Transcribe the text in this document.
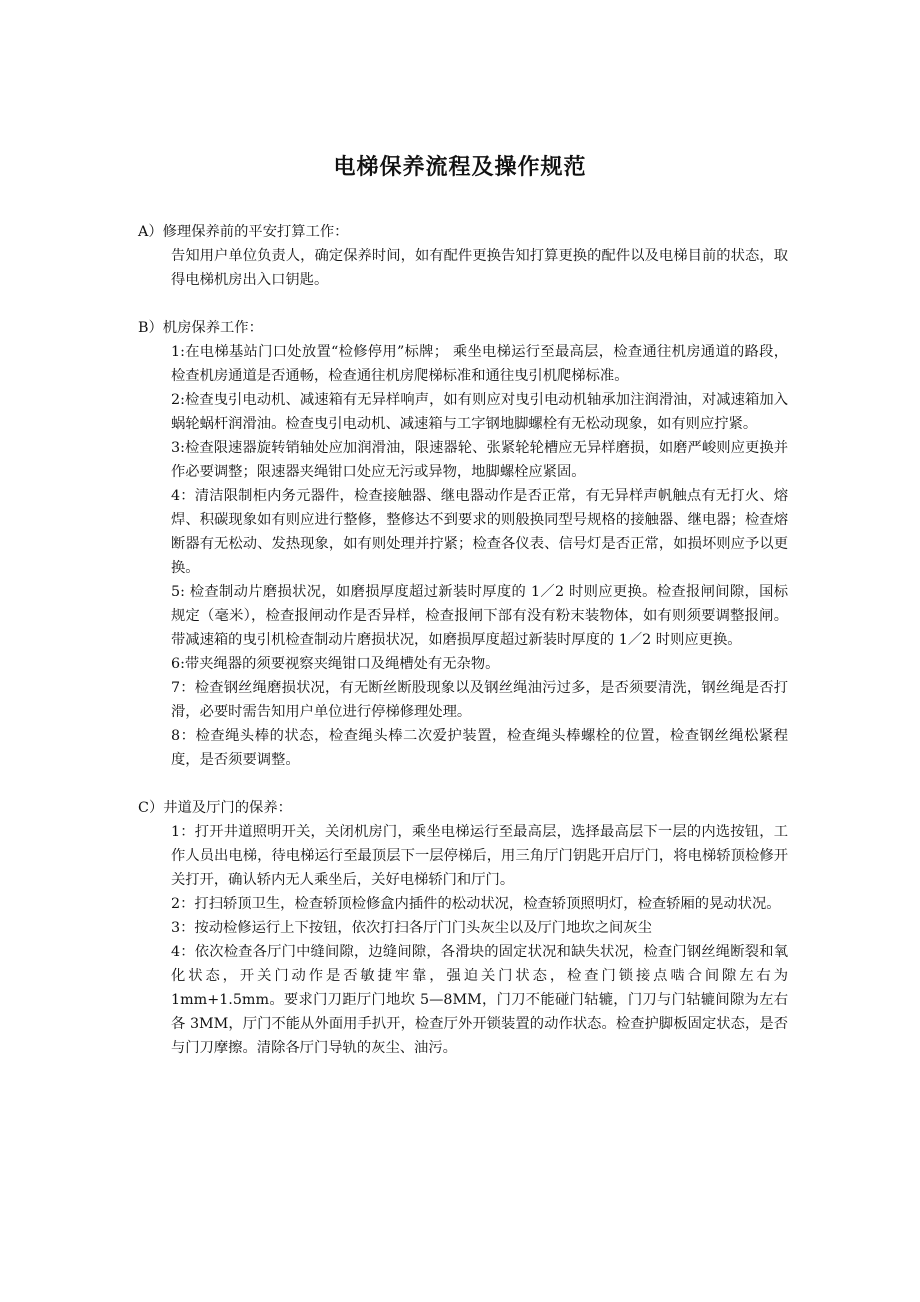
电梯保养流程及操作规范
A）修理保养前的平安打算工作：

告知用户单位负责人，确定保养时间，如有配件更换告知打算更换的配件以及电梯目前的状态，取得电梯机房出入口钥匙。

B）机房保养工作：

1:在电梯基站门口处放置“检修停用”标牌； 乘坐电梯运行至最高层，检查通往机房通道的路段，检查机房通道是否通畅，检查通往机房爬梯标准和通往曳引机爬梯标准。

2:检查曳引电动机、减速箱有无异样响声，如有则应对曳引电动机轴承加注润滑油，对减速箱加入蜗轮蜗杆润滑油。检查曳引电动机、减速箱与工字钢地脚螺栓有无松动现象，如有则应拧紧。

3:检查限速器旋转销轴处应加润滑油，限速器轮、张紧轮轮槽应无异样磨损，如磨严峻则应更换并作必要调整；限速器夹绳钳口处应无污或异物，地脚螺栓应紧固。

4：清洁限制柜内务元器件，检查接触器、继电器动作是否正常，有无异样声帆触点有无打火、熔焊、积碳现象如有则应进行整修，整修达不到要求的则般换同型号规格的接触器、继电器；检查熔断器有无松动、发热现象，如有则处理并拧紧；检查各仪表、信号灯是否正常，如损坏则应予以更换。

5: 检查制动片磨损状况，如磨损厚度超过新装时厚度的 1／2 时则应更换。检查报闸间隙，国标规定（毫米），检查报闸动作是否异样，检查报闸下部有没有粉末装物体，如有则须要调整报闸。带减速箱的曳引机检查制动片磨损状况，如磨损厚度超过新装时厚度的 1／2 时则应更换。

6:带夹绳器的须要视察夹绳钳口及绳槽处有无杂物。

7：检查钢丝绳磨损状况，有无断丝断股现象以及钢丝绳油污过多，是否须要清洗，钢丝绳是否打滑，必要时需告知用户单位进行停梯修理处理。

8：检查绳头棒的状态，检查绳头棒二次爱护装置，检查绳头棒螺栓的位置，检查钢丝绳松紧程度，是否须要调整。

C）井道及厅门的保养：

1：打开井道照明开关，关闭机房门，乘坐电梯运行至最高层，选择最高层下一层的内选按钮，工作人员出电梯，待电梯运行至最顶层下一层停梯后，用三角厅门钥匙开启厅门，将电梯轿顶检修开关打开，确认轿内无人乘坐后，关好电梯轿门和厅门。

2：打扫轿顶卫生，检查轿顶检修盒内插件的松动状况，检查轿顶照明灯，检查轿厢的晃动状况。

3：按动检修运行上下按钮，依次打扫各厅门门头灰尘以及厅门地坎之间灰尘

4：依次检查各厅门中缝间隙，边缝间隙，各滑块的固定状况和缺失状况，检查门钢丝绳断裂和氧化状态，开关门动作是否敏捷牢靠，强迫关门状态，检查门锁接点啮合间隙左右为 1mm+1.5mm。要求门刀距厅门地坎 5—8MM，门刀不能碰门轱辘，门刀与门轱辘间隙为左右各 3MM，厅门不能从外面用手扒开，检查厅外开锁装置的动作状态。检查护脚板固定状态，是否与门刀摩擦。清除各厅门导轨的灰尘、油污。
